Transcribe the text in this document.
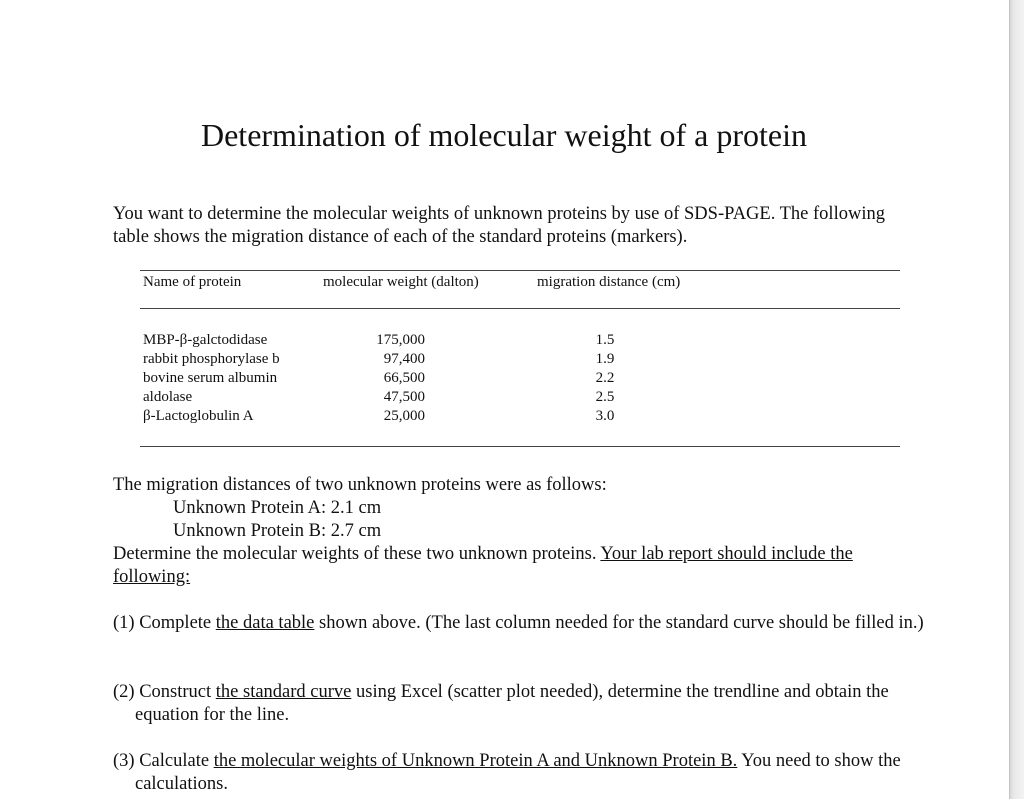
Determination of molecular weight of a protein

You want to determine the molecular weights of unknown proteins by use of SDS-PAGE. The following table shows the migration distance of each of the standard proteins (markers).

Name of protein	molecular weight (dalton)	migration distance (cm)
MBP-β-galctodidase
rabbit phosphorylase b
bovine serum albumin
aldolase
β-Lactoglobulin A
175,000
97,400
66,500
47,500
25,000
1.5
1.9
2.2
2.5
3.0

The migration distances of two unknown proteins were as follows:

Unknown Protein A: 2.1 cm

Unknown Protein B: 2.7 cm

Determine the molecular weights of these two unknown proteins. Your lab report should include the following:

(1) Complete the data table shown above. (The last column needed for the standard curve should be filled in.)

(2) Construct the standard curve using Excel (scatter plot needed), determine the trendline and obtain the equation for the line.

(3) Calculate the molecular weights of Unknown Protein A and Unknown Protein B. You need to show the calculations.
